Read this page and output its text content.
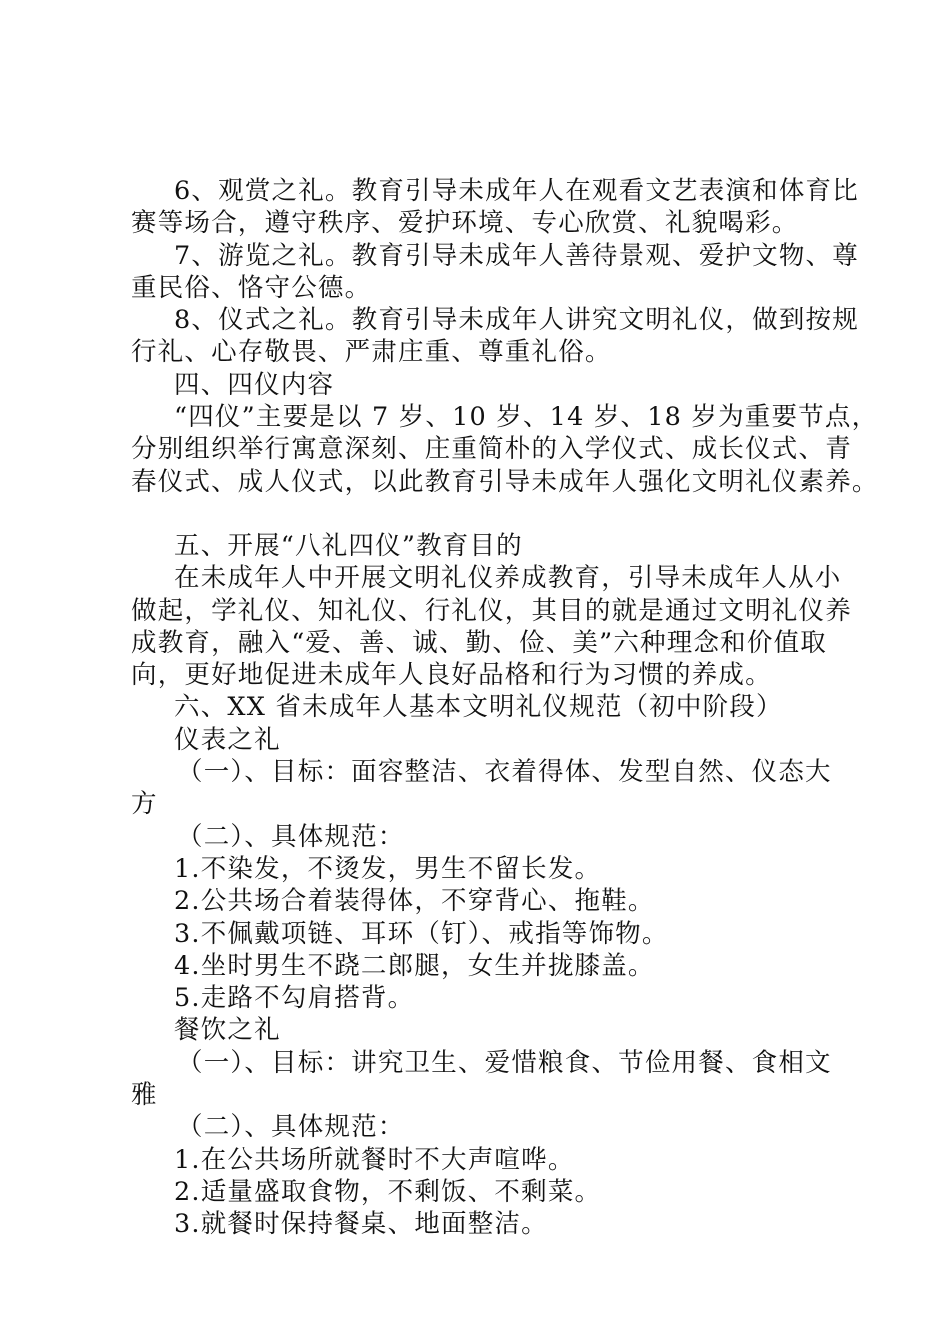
6、观赏之礼。教育引导未成年人在观看文艺表演和体育比
赛等场合，遵守秩序、爱护环境、专心欣赏、礼貌喝彩。
7、游览之礼。教育引导未成年人善待景观、爱护文物、尊
重民俗、恪守公德。
8、仪式之礼。教育引导未成年人讲究文明礼仪，做到按规
行礼、心存敬畏、严肃庄重、尊重礼俗。
四、四仪内容
“四仪”主要是以 7 岁、10 岁、14 岁、18 岁为重要节点，
分别组织举行寓意深刻、庄重简朴的入学仪式、成长仪式、青
春仪式、成人仪式，以此教育引导未成年人强化文明礼仪素养。
五、开展“八礼四仪”教育目的
在未成年人中开展文明礼仪养成教育，引导未成年人从小
做起，学礼仪、知礼仪、行礼仪，其目的就是通过文明礼仪养
成教育，融入“爱、善、诚、勤、俭、美”六种理念和价值取
向，更好地促进未成年人良好品格和行为习惯的养成。
六、XX 省未成年人基本文明礼仪规范（初中阶段）
仪表之礼
（一）、目标：面容整洁、衣着得体、发型自然、仪态大
方
（二）、具体规范：
1.不染发，不烫发，男生不留长发。
2.公共场合着装得体，不穿背心、拖鞋。
3.不佩戴项链、耳环（钉）、戒指等饰物。
4.坐时男生不跷二郎腿，女生并拢膝盖。
5.走路不勾肩搭背。
餐饮之礼
（一）、目标：讲究卫生、爱惜粮食、节俭用餐、食相文
雅
（二）、具体规范：
1.在公共场所就餐时不大声喧哗。
2.适量盛取食物，不剩饭、不剩菜。
3.就餐时保持餐桌、地面整洁。
